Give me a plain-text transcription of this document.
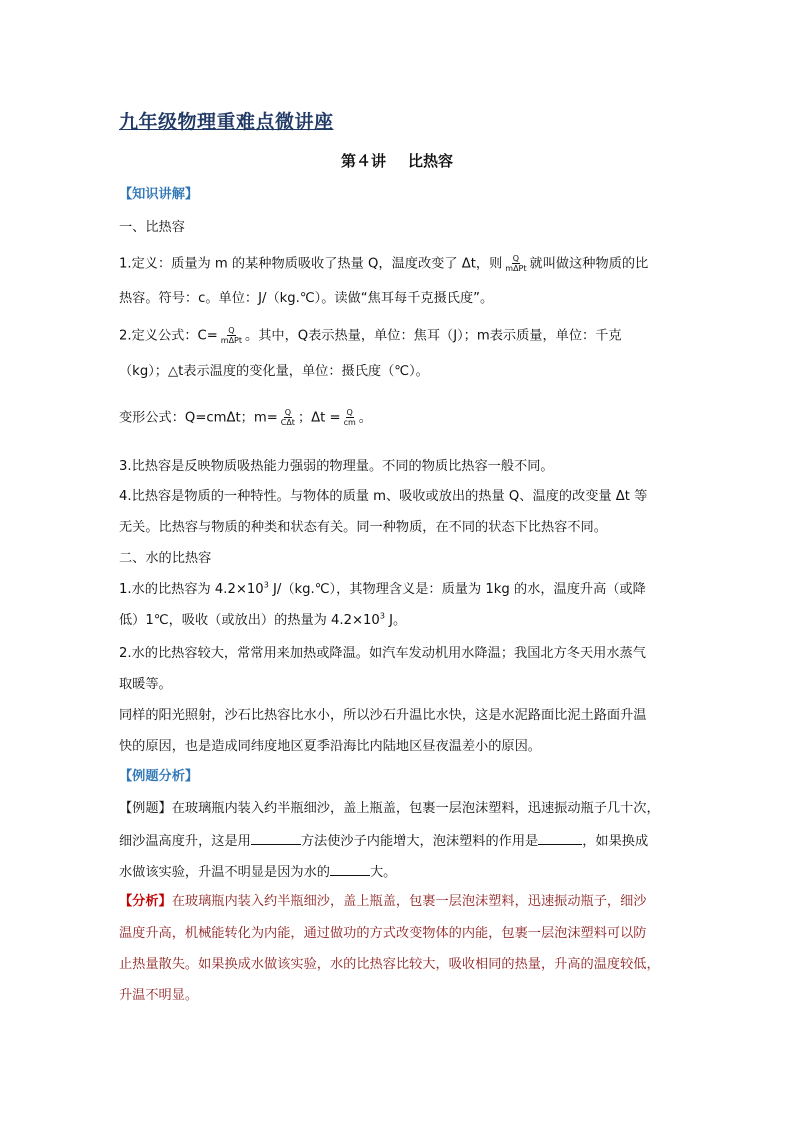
九年级物理重难点微讲座
第４讲 比热容
【知识讲解】
一、比热容
1.定义：质量为 m 的某种物质吸收了热量 Q，温度改变了 Δt，则 $\frac{Q}{\text{mΔPt}}$ 就叫做这种物质的比
热容。符号：c。单位：J/（kg.℃）。读做“焦耳每千克摄氏度”。
2.定义公式：$C= \frac{Q}{\text{mΔPt}}$ 。其中，Q表示热量，单位：焦耳（J）；m表示质量，单位：千克
（kg）；△t表示温度的变化量，单位：摄氏度（℃）。
变形公式：Q=cmΔt；$m= \frac{Q}{\text{CΔt}}$ ；$\Delta t = \frac{Q}{cm}$ 。
3.比热容是反映物质吸热能力强弱的物理量。不同的物质比热容一般不同。
4.比热容是物质的一种特性。与物体的质量 m、吸收或放出的热量 Q、温度的改变量 Δt 等
无关。比热容与物质的种类和状态有关。同一种物质，在不同的状态下比热容不同。
二、水的比热容
1.水的比热容为 $4.2\times 10^3$ J/（kg.℃），其物理含义是：质量为 1kg 的水，温度升高（或降
低）1℃，吸收（或放出）的热量为 $4.2\times 10^3$ J。
2.水的比热容较大，常常用来加热或降温。如汽车发动机用水降温；我国北方冬天用水蒸气
取暖等。
同样的阳光照射，沙石比热容比水小，所以沙石升温比水快，这是水泥路面比泥土路面升温
快的原因，也是造成同纬度地区夏季沿海比内陆地区昼夜温差小的原因。
【例题分析】
【例题】在玻璃瓶内装入约半瓶细沙，盖上瓶盖，包裹一层泡沫塑料，迅速振动瓶子几十次，
细沙温高度升，这是用	方法使沙子内能增大，泡沫塑料的作用是	，如果换成
水做该实验，升温不明显是因为水的	大。
【分析】在玻璃瓶内装入约半瓶细沙，盖上瓶盖，包裹一层泡沫塑料，迅速振动瓶子，细沙
温度升高，机械能转化为内能，通过做功的方式改变物体的内能，包裹一层泡沫塑料可以防
止热量散失。如果换成水做该实验，水的比热容比较大，吸收相同的热量，升高的温度较低，
升温不明显。
